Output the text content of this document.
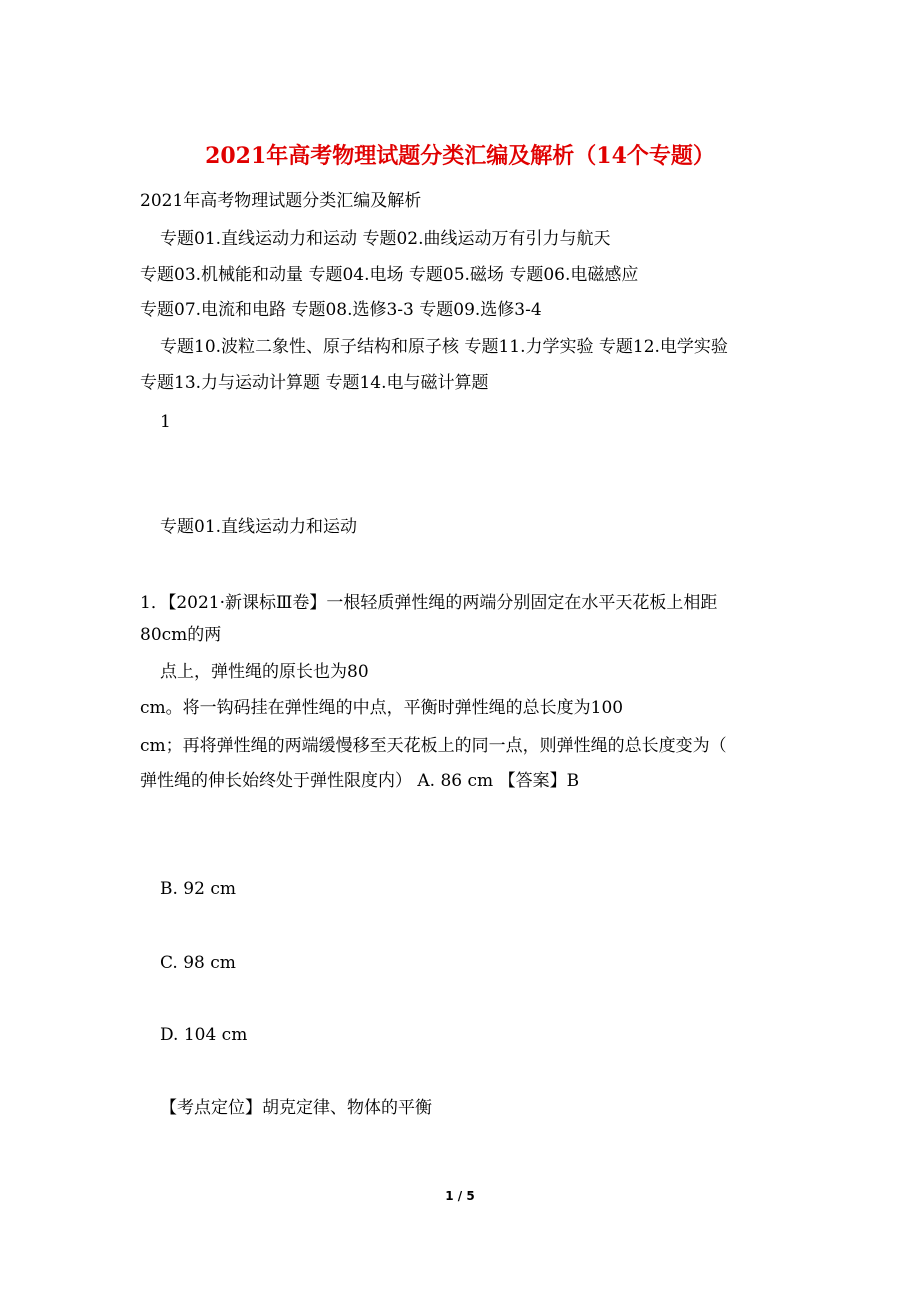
2021年高考物理试题分类汇编及解析（14个专题）

2021年高考物理试题分类汇编及解析

专题01.直线运动力和运动 专题02.曲线运动万有引力与航天

专题03.机械能和动量 专题04.电场 专题05.磁场 专题06.电磁感应

专题07.电流和电路 专题08.选修3-3 专题09.选修3-4

专题10.波粒二象性、原子结构和原子核 专题11.力学实验 专题12.电学实验

专题13.力与运动计算题 专题14.电与磁计算题

1

专题01.直线运动力和运动

1．【2021·新课标Ⅲ卷】一根轻质弹性绳的两端分别固定在水平天花板上相距

80cm的两

点上，弹性绳的原长也为80

cm。将一钩码挂在弹性绳的中点，平衡时弹性绳的总长度为100

cm；再将弹性绳的两端缓慢移至天花板上的同一点，则弹性绳的总长度变为（

弹性绳的伸长始终处于弹性限度内） A. 86 cm 【答案】B

B. 92 cm

C. 98 cm

D. 104 cm

【考点定位】胡克定律、物体的平衡

1 / 5
